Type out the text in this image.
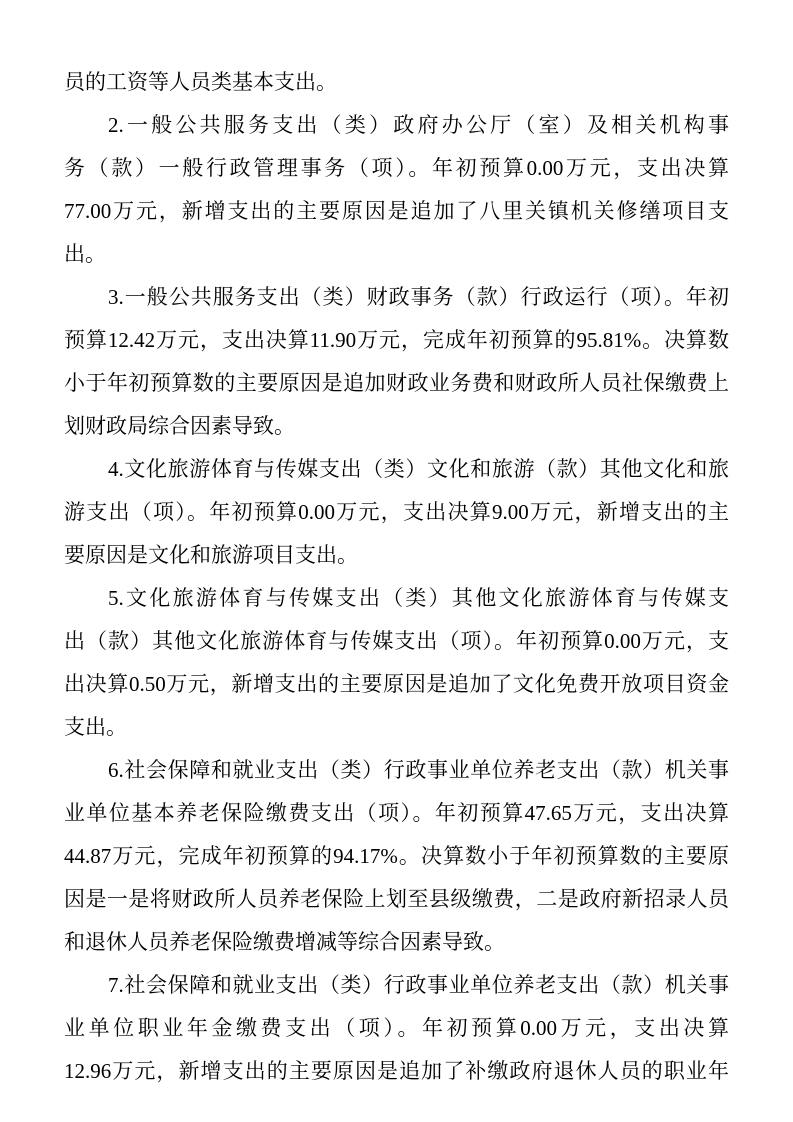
员的工资等人员类基本支出。
2.一般公共服务支出（类）政府办公厅（室）及相关机构事
务（款）一般行政管理事务（项）。年初预算0.00万元，支出决算
77.00万元，新增支出的主要原因是追加了八里关镇机关修缮项目支
出。
3.一般公共服务支出（类）财政事务（款）行政运行（项）。年初
预算12.42万元，支出决算11.90万元，完成年初预算的95.81%。决算数
小于年初预算数的主要原因是追加财政业务费和财政所人员社保缴费上
划财政局综合因素导致。
4.文化旅游体育与传媒支出（类）文化和旅游（款）其他文化和旅
游支出（项）。年初预算0.00万元，支出决算9.00万元，新增支出的主
要原因是文化和旅游项目支出。
5.文化旅游体育与传媒支出（类）其他文化旅游体育与传媒支
出（款）其他文化旅游体育与传媒支出（项）。年初预算0.00万元，支
出决算0.50万元，新增支出的主要原因是追加了文化免费开放项目资金
支出。
6.社会保障和就业支出（类）行政事业单位养老支出（款）机关事
业单位基本养老保险缴费支出（项）。年初预算47.65万元，支出决算
44.87万元，完成年初预算的94.17%。决算数小于年初预算数的主要原
因是一是将财政所人员养老保险上划至县级缴费，二是政府新招录人员
和退休人员养老保险缴费增减等综合因素导致。
7.社会保障和就业支出（类）行政事业单位养老支出（款）机关事
业单位职业年金缴费支出（项）。年初预算0.00万元，支出决算
12.96万元，新增支出的主要原因是追加了补缴政府退休人员的职业年
